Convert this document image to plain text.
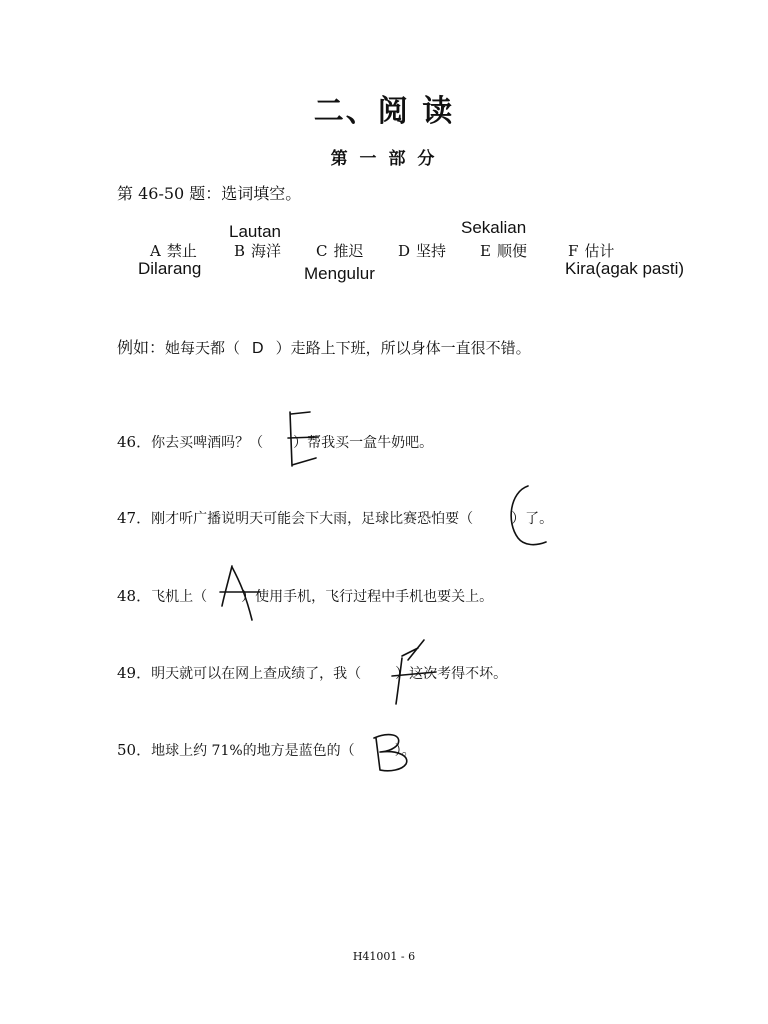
二、阅 读
第 一 部 分
第 46-50 题：选词填空。
A 禁止 B 海洋 C 推迟 D 坚持 E 顺便	F 估计
Lautan	Sekalian
Dilarang	Mengulur	Kira(agak pasti)
例如：她每天都（ D ）走路上下班，所以身体一直很不错。
46．你去买啤酒吗？（ ）帮我买一盒牛奶吧。
47．刚才听广播说明天可能会下大雨，足球比赛恐怕要（	）了。
48．飞机上（ ）使用手机，飞行过程中手机也要关上。
49．明天就可以在网上查成绩了，我（ ）这次考得不坏。
50．地球上约 71%的地方是蓝色的（	）。
H41001 - 6
